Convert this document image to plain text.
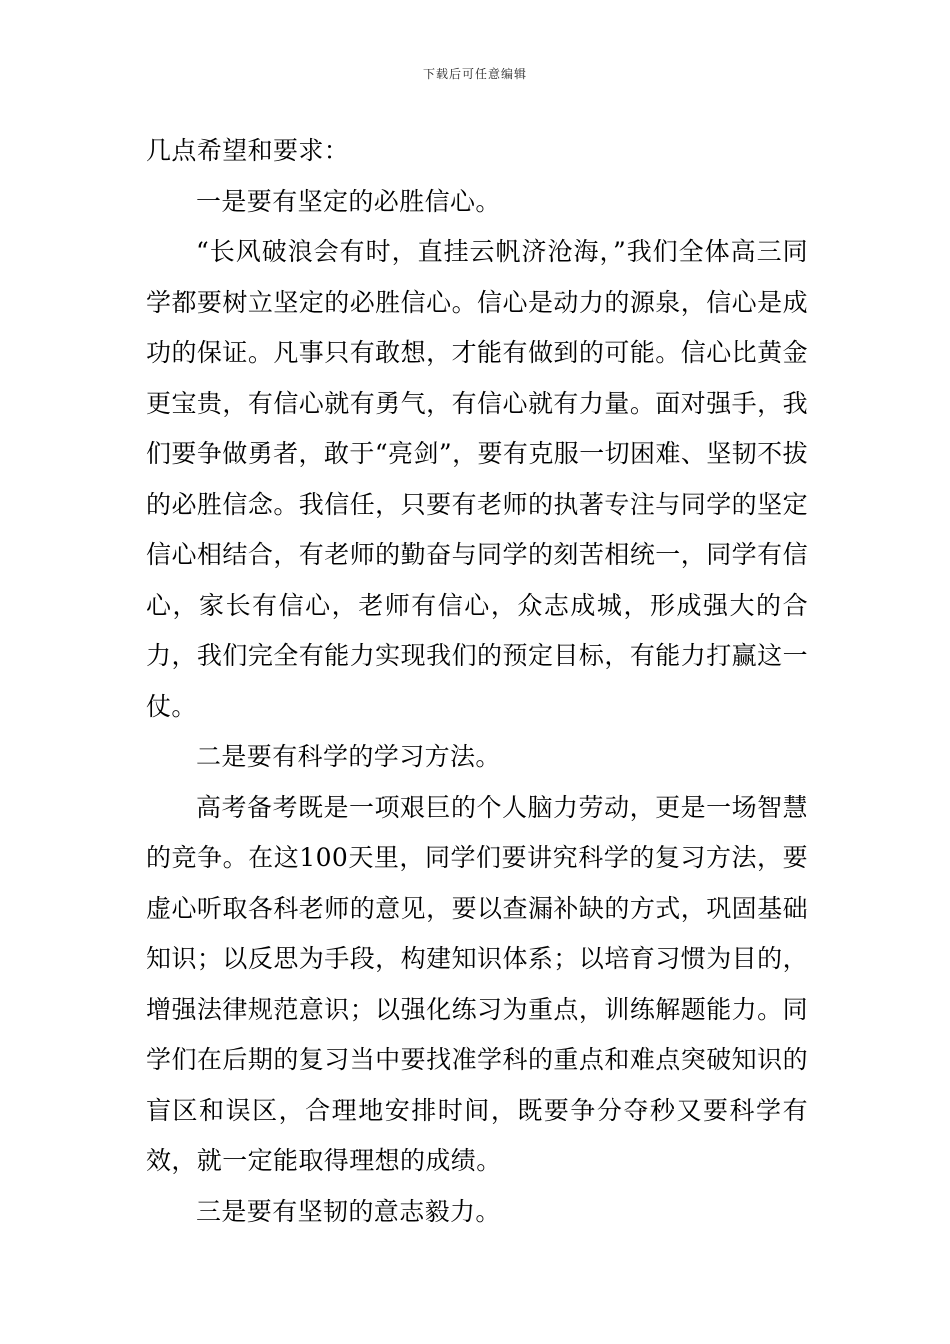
下载后可任意编辑

几点希望和要求：

一是要有坚定的必胜信心。

“长风破浪会有时，直挂云帆济沧海，”我们全体高三同学都要树立坚定的必胜信心。信心是动力的源泉，信心是成功的保证。凡事只有敢想，才能有做到的可能。信心比黄金更宝贵，有信心就有勇气，有信心就有力量。面对强手，我们要争做勇者，敢于“亮剑”，要有克服一切困难、坚韧不拔的必胜信念。我信任，只要有老师的执著专注与同学的坚定信心相结合，有老师的勤奋与同学的刻苦相统一，同学有信心，家长有信心，老师有信心，众志成城，形成强大的合力，我们完全有能力实现我们的预定目标，有能力打赢这一仗。

二是要有科学的学习方法。

高考备考既是一项艰巨的个人脑力劳动，更是一场智慧的竞争。在这100天里，同学们要讲究科学的复习方法，要虚心听取各科老师的意见，要以查漏补缺的方式，巩固基础知识；以反思为手段，构建知识体系；以培育习惯为目的，增强法律规范意识；以强化练习为重点，训练解题能力。同学们在后期的复习当中要找准学科的重点和难点突破知识的盲区和误区，合理地安排时间，既要争分夺秒又要科学有效，就一定能取得理想的成绩。

三是要有坚韧的意志毅力。
